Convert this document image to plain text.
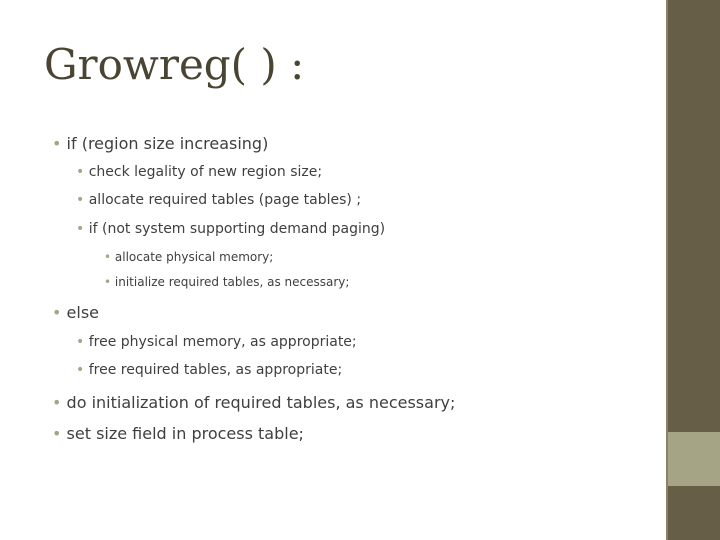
Growreg( ) :
• if (region size increasing)
• check legality of new region size;
• allocate required tables (page tables) ;
• if (not system supporting demand paging)
• allocate physical memory;
• initialize required tables, as necessary;
• else
• free physical memory, as appropriate;
• free required tables, as appropriate;
• do initialization of required tables, as necessary;
• set size field in process table;
